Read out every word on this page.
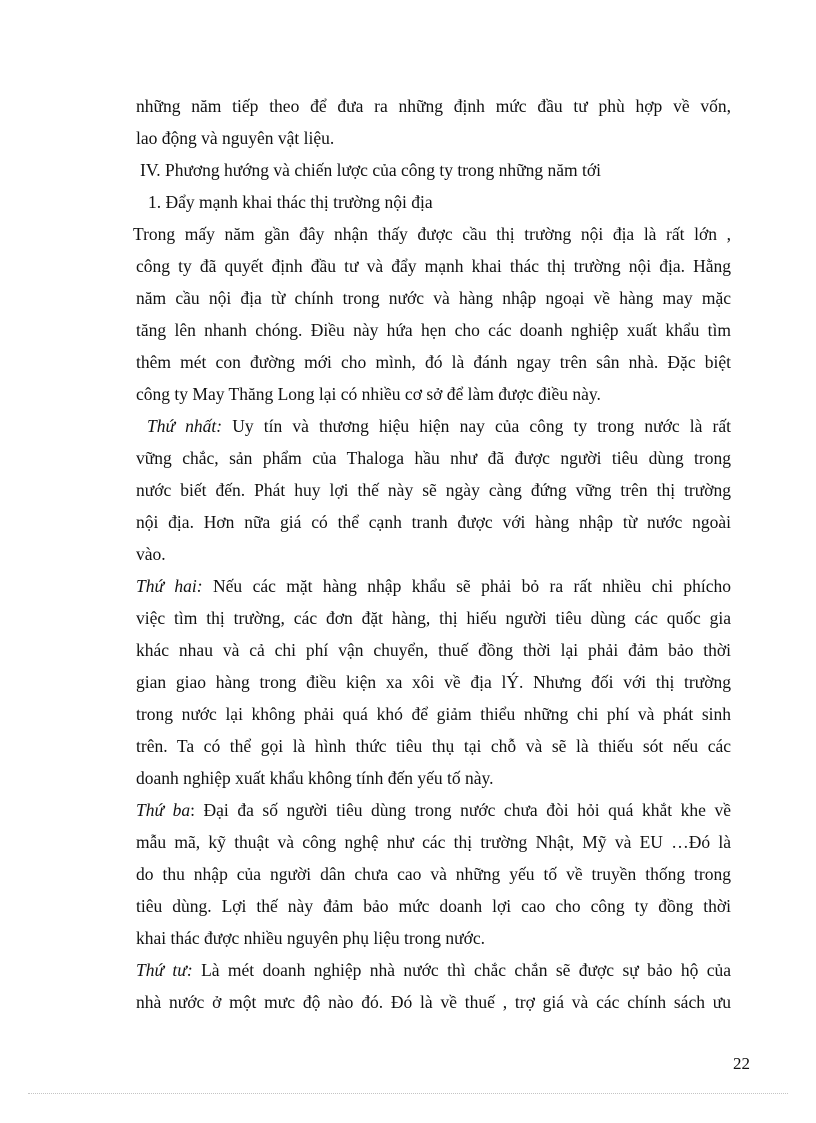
những năm tiếp theo để đưa ra những định mức đầu tư phù hợp về vốn,
lao động và nguyên vật liệu.
IV. Phương hướng và chiến lược của công ty trong những năm tới
1. Đẩy mạnh khai thác thị trường nội địa
Trong mấy năm gần đây nhận thấy được cầu thị trường nội địa là rất lớn ,
công ty đã quyết định đầu tư và đẩy mạnh khai thác thị trường nội địa. Hằng
năm cầu nội địa từ chính trong nước và hàng nhập ngoại về hàng may mặc
tăng lên nhanh chóng. Điều này hứa hẹn cho các doanh nghiệp xuất khẩu tìm
thêm mét con đường mới cho mình, đó là đánh ngay trên sân nhà. Đặc biệt
công ty May Thăng Long lại có nhiều cơ sở để làm được điều này.
Thứ nhất: Uy tín và thương hiệu hiện nay của công ty trong nước là rất
vững chắc, sản phẩm của Thaloga hầu như đã được người tiêu dùng trong
nước biết đến. Phát huy lợi thế này sẽ ngày càng đứng vững trên thị trường
nội địa. Hơn nữa giá có thể cạnh tranh được với hàng nhập từ nước ngoài
vào.
Thứ hai: Nếu các mặt hàng nhập khẩu sẽ phải bỏ ra rất nhiều chi phícho
việc tìm thị trường, các đơn đặt hàng, thị hiếu người tiêu dùng các quốc gia
khác nhau và cả chi phí vận chuyển, thuế đồng thời lại phải đảm bảo thời
gian giao hàng trong điều kiện xa xôi về địa lÝ. Nhưng đối với thị trường
trong nước lại không phải quá khó để giảm thiểu những chi phí và phát sinh
trên. Ta có thể gọi là hình thức tiêu thụ tại chỗ và sẽ là thiếu sót nếu các
doanh nghiệp xuất khẩu không tính đến yếu tố này.
Thứ ba: Đại đa số người tiêu dùng trong nước chưa đòi hỏi quá khắt khe về
mẫu mã, kỹ thuật và công nghệ như các thị trường Nhật, Mỹ và EU …Đó là
do thu nhập của người dân chưa cao và những yếu tố về truyền thống trong
tiêu dùng. Lợi thế này đảm bảo mức doanh lợi cao cho công ty đồng thời
khai thác được nhiều nguyên phụ liệu trong nước.
Thứ tư: Là mét doanh nghiệp nhà nước thì chắc chắn sẽ được sự bảo hộ của
nhà nước ở một mưc độ nào đó. Đó là về thuế , trợ giá và các chính sách ưu
22
